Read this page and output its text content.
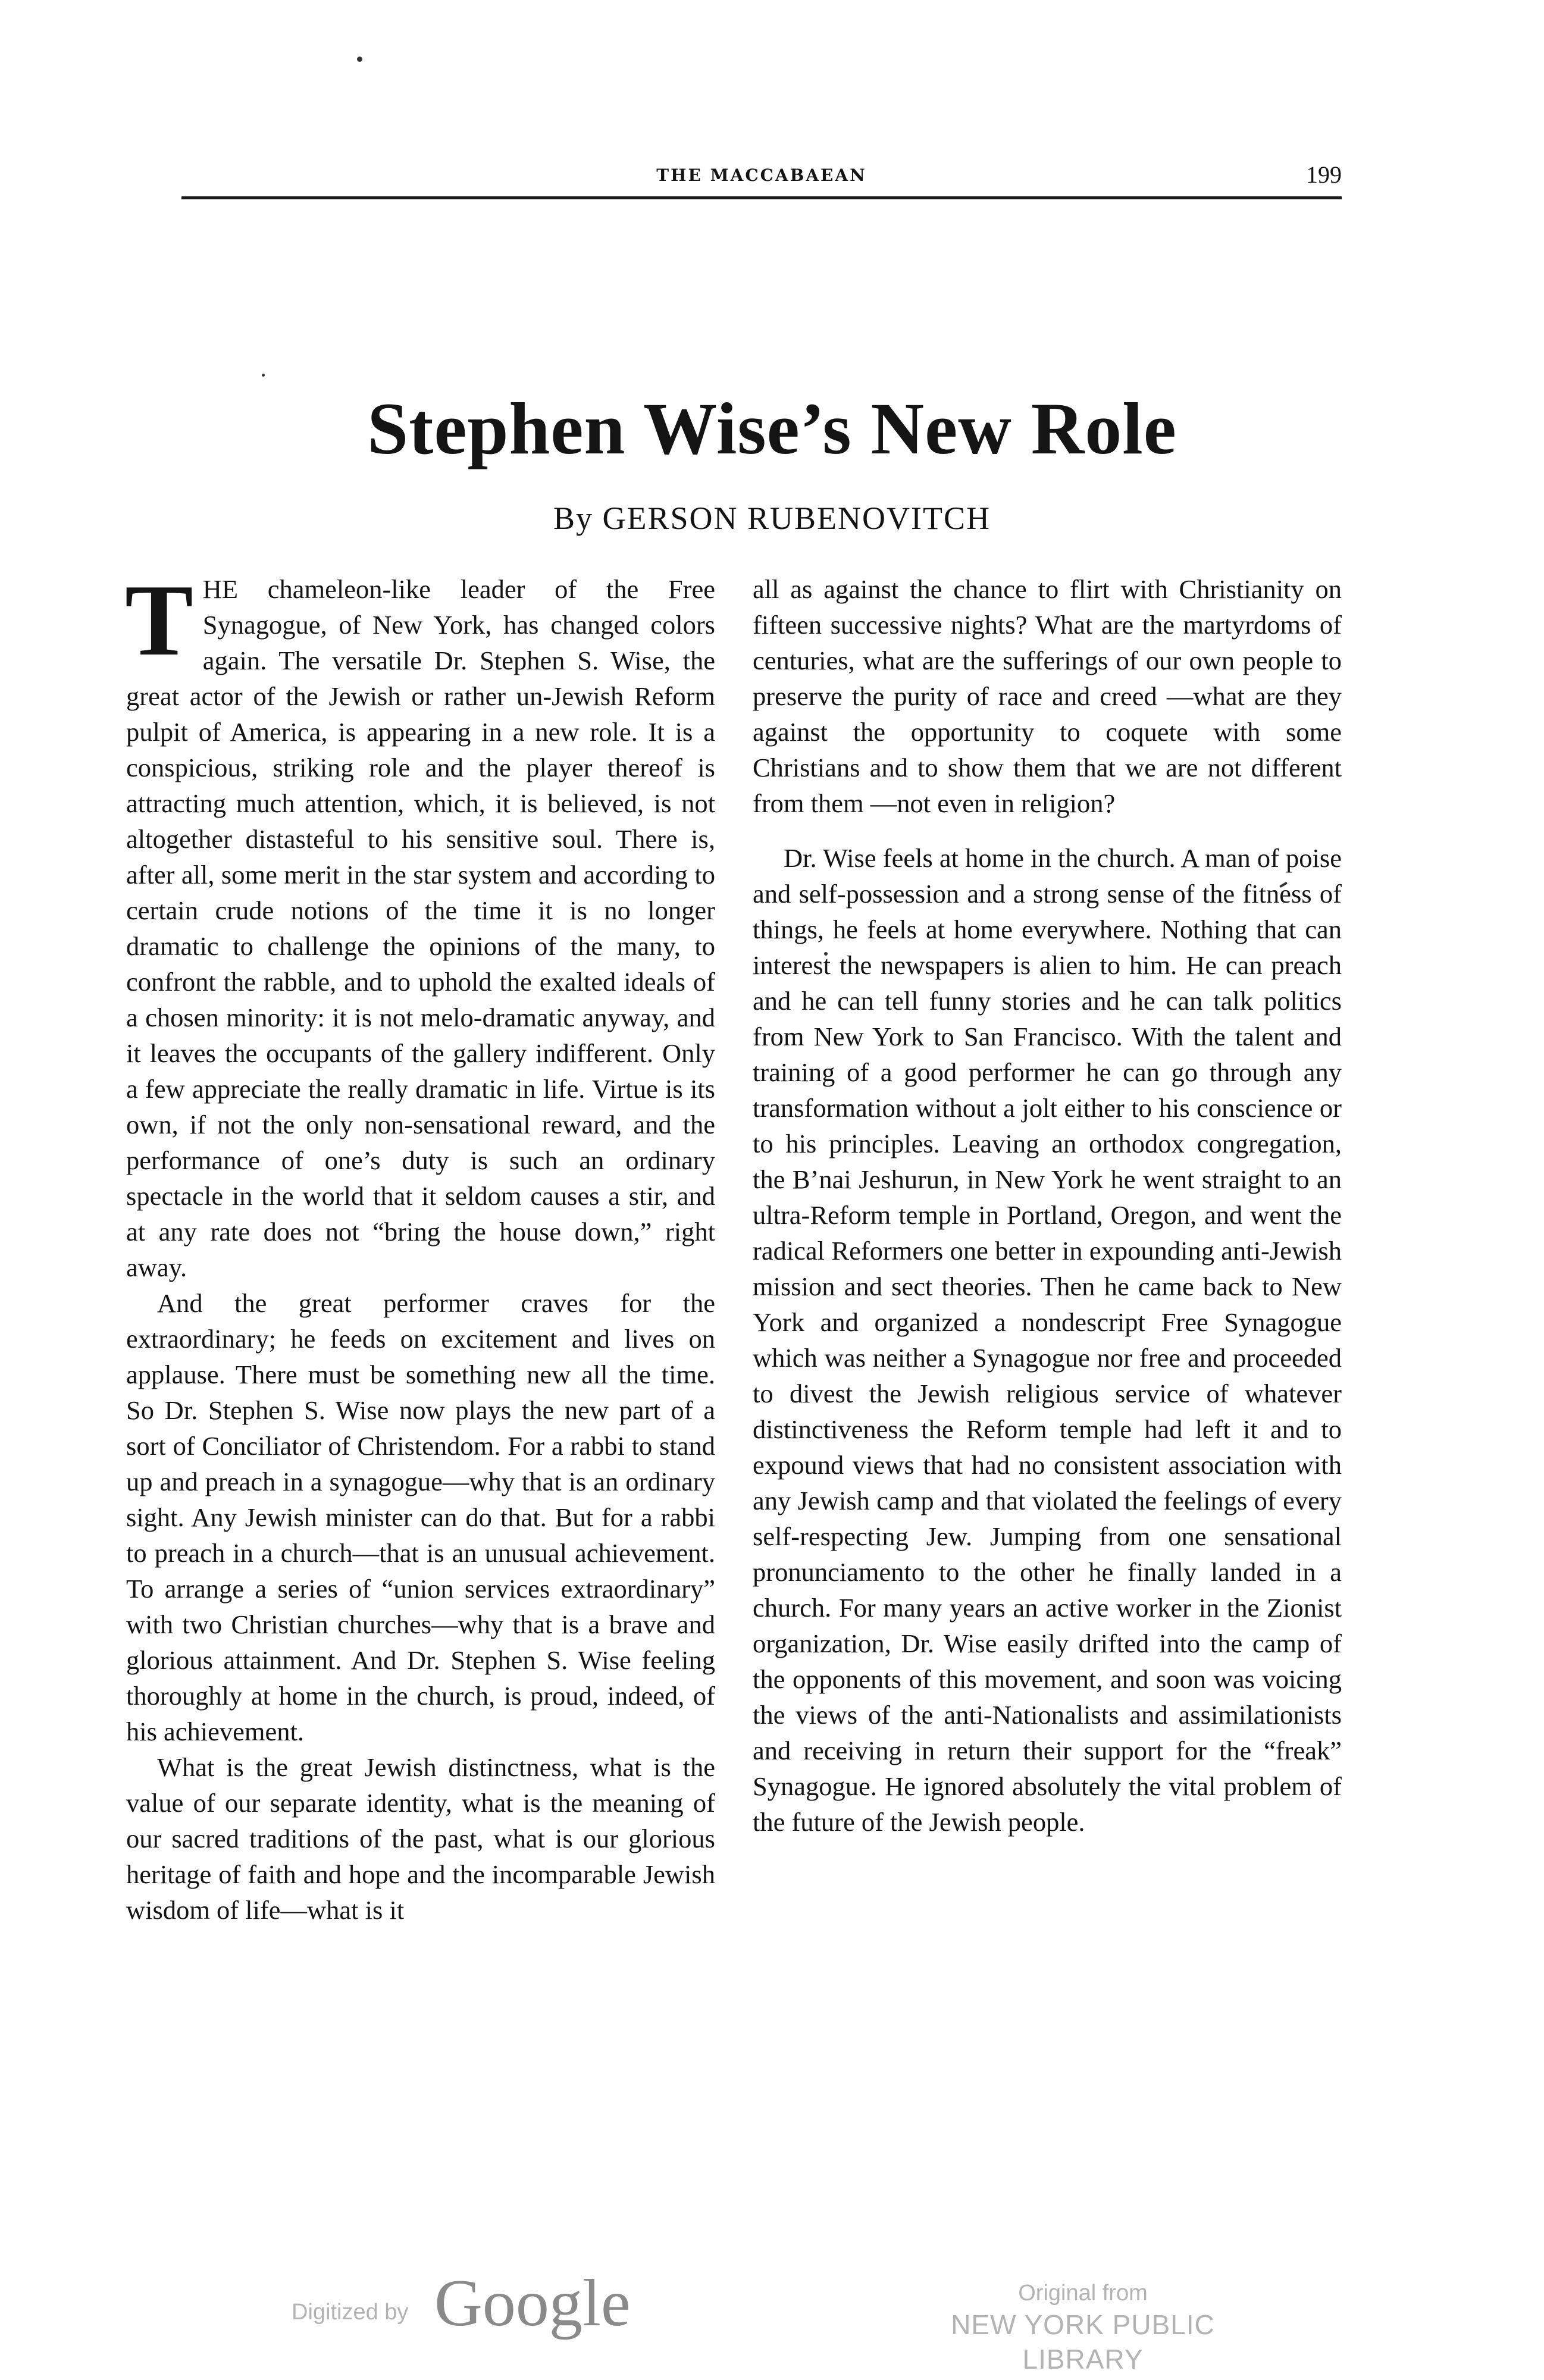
THE MACCABAEAN	199
Stephen Wise’s New Role
By GERSON RUBENOVITCH

THE chameleon-like leader of the Free Synagogue, of New York, has changed colors again. The versatile Dr. Stephen S. Wise, the great actor of the Jewish or rather un-Jewish Reform pulpit of America, is appearing in a new role. It is a conspicious, striking role and the player thereof is attracting much attention, which, it is believed, is not altogether distasteful to his sensitive soul. There is, after all, some merit in the star system and according to certain crude notions of the time it is no longer dramatic to challenge the opinions of the many, to confront the rabble, and to uphold the exalted ideals of a chosen minority: it is not melo-dramatic anyway, and it leaves the occupants of the gallery indifferent. Only a few appreciate the really dramatic in life. Virtue is its own, if not the only non-sensational reward, and the performance of one’s duty is such an ordinary spectacle in the world that it seldom causes a stir, and at any rate does not “bring the house down,” right away.

And the great performer craves for the extraordinary; he feeds on excitement and lives on applause. There must be something new all the time. So Dr. Stephen S. Wise now plays the new part of a sort of Conciliator of Christendom. For a rabbi to stand up and preach in a synagogue—why that is an ordinary sight. Any Jewish minister can do that. But for a rabbi to preach in a church—that is an unusual achievement. To arrange a series of “union services extraordinary” with two Christian churches—why that is a brave and glorious attainment. And Dr. Stephen S. Wise feeling thoroughly at home in the church, is proud, indeed, of his achievement.

What is the great Jewish distinctness, what is the value of our separate identity, what is the meaning of our sacred traditions of the past, what is our glorious heritage of faith and hope and the incomparable Jewish wisdom of life—what is it

all as against the chance to flirt with Christianity on fifteen successive nights? What are the martyrdoms of centuries, what are the sufferings of our own people to preserve the purity of race and creed —what are they against the opportunity to coquete with some Christians and to show them that we are not different from them —not even in religion?

Dr. Wise feels at home in the church. A man of poise and self-possession and a strong sense of the fitness of things, he feels at home everywhere. Nothing that can interest the newspapers is alien to him. He can preach and he can tell funny stories and he can talk politics from New York to San Francisco. With the talent and training of a good performer he can go through any transformation without a jolt either to his conscience or to his principles. Leaving an orthodox congregation, the B’nai Jeshurun, in New York he went straight to an ultra-Reform temple in Portland, Oregon, and went the radical Reformers one better in expounding anti-Jewish mission and sect theories. Then he came back to New York and organized a nondescript Free Synagogue which was neither a Synagogue nor free and proceeded to divest the Jewish religious service of whatever distinctiveness the Reform temple had left it and to expound views that had no consistent association with any Jewish camp and that violated the feelings of every self-respecting Jew. Jumping from one sensational pronunciamento to the other he finally landed in a church. For many years an active worker in the Zionist organization, Dr. Wise easily drifted into the camp of the opponents of this movement, and soon was voicing the views of the anti-Nationalists and assimilationists and receiving in return their support for the “freak” Synagogue. He ignored absolutely the vital problem of the future of the Jewish people.

Digitized by Google	Original from
NEW YORK PUBLIC LIBRARY
